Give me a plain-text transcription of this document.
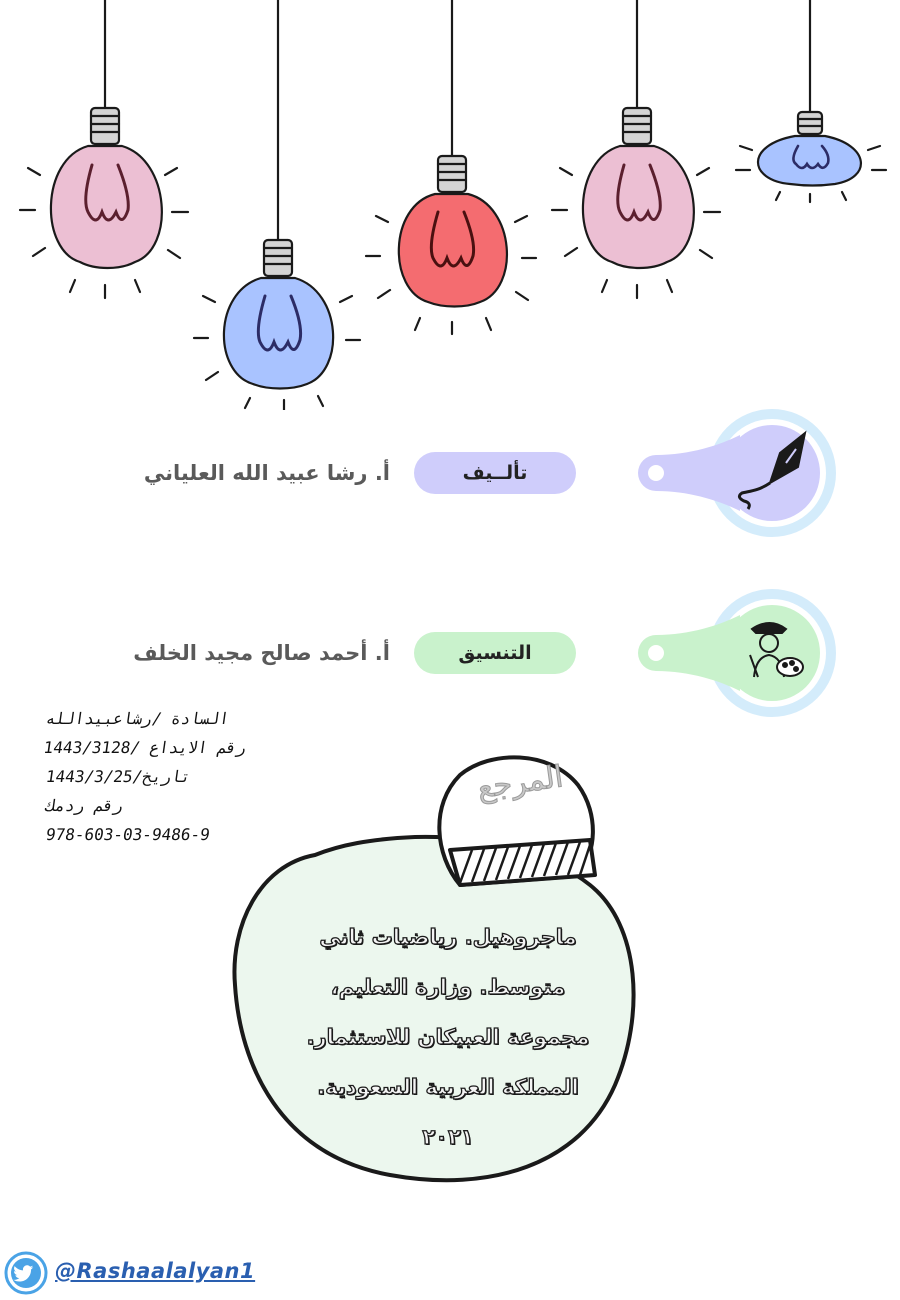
تألــيف
أ. رشا عبيد الله العلياني
التنسيق
أ. أحمد صالح مجيد الخلف
السادة /رشاعبيدالله
رقم الايداع /1443/3128
تاريخ/1443/3/25
رقم ردمك
978-603-03-9486-9
المرجع
ماجروهيل. رياضيات ثاني
متوسط. وزارة التعليم،
مجموعة العبيكان للاستثمار.
المملكة العربية السعودية.
٢٠٢١
@Rashaalalyan1
